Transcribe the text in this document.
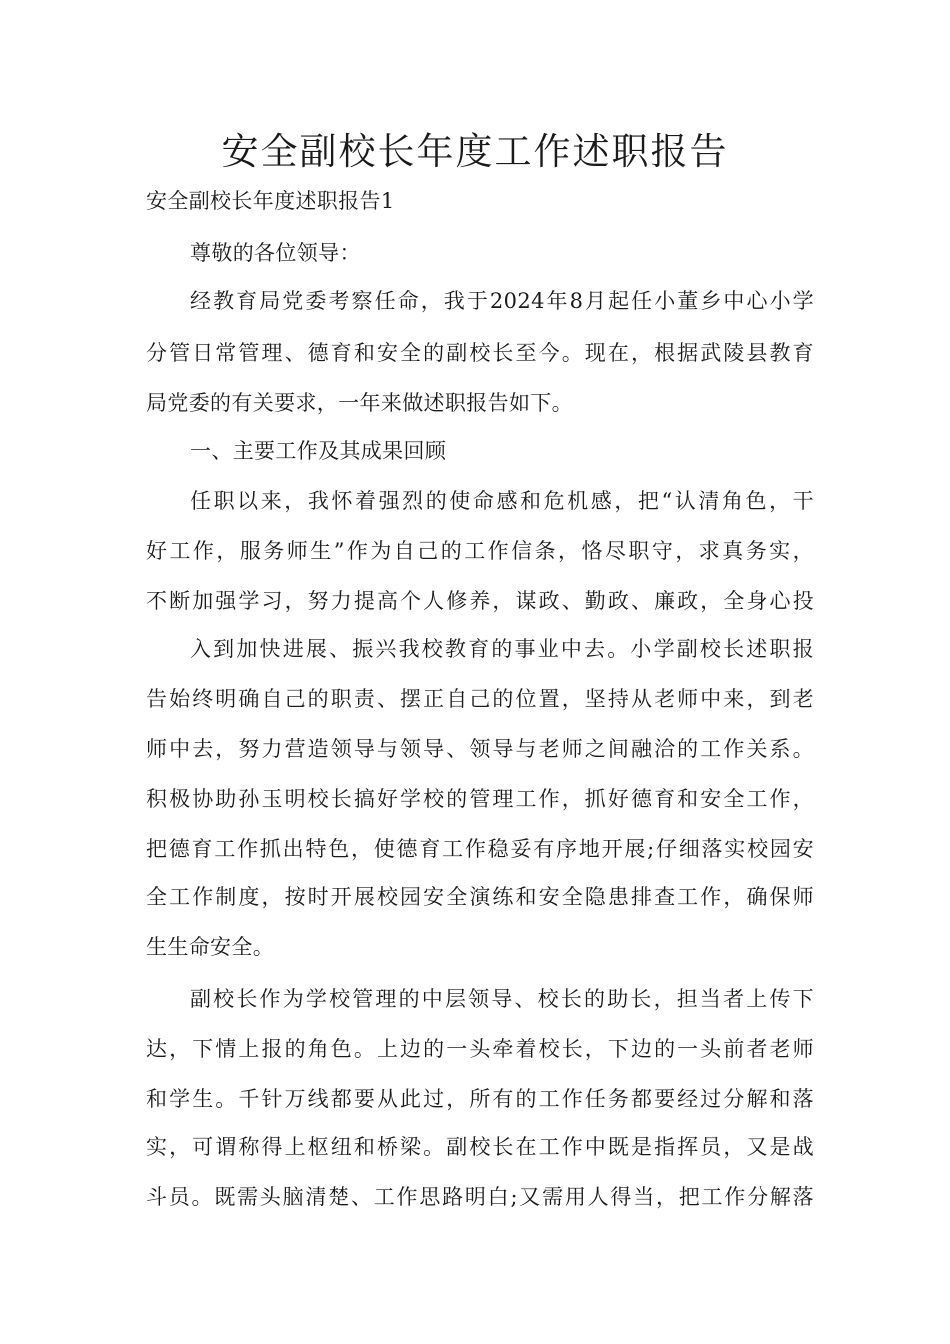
安全副校长年度工作述职报告

安全副校长年度述职报告1

尊敬的各位领导：

经教育局党委考察任命，我于2024年8月起任小董乡中心小学

分管日常管理、德育和安全的副校长至今。现在，根据武陵县教育

局党委的有关要求，一年来做述职报告如下。

一、主要工作及其成果回顾

任职以来，我怀着强烈的使命感和危机感，把“认清角色，干

好工作，服务师生”作为自己的工作信条，恪尽职守，求真务实，

不断加强学习，努力提高个人修养，谋政、勤政、廉政，全身心投

入到加快进展、振兴我校教育的事业中去。小学副校长述职报

告始终明确自己的职责、摆正自己的位置，坚持从老师中来，到老

师中去，努力营造领导与领导、领导与老师之间融洽的工作关系。

积极协助孙玉明校长搞好学校的管理工作，抓好德育和安全工作，

把德育工作抓出特色，使德育工作稳妥有序地开展;仔细落实校园安

全工作制度，按时开展校园安全演练和安全隐患排查工作，确保师

生生命安全。

副校长作为学校管理的中层领导、校长的助长，担当者上传下

达，下情上报的角色。上边的一头牵着校长，下边的一头前者老师

和学生。千针万线都要从此过，所有的工作任务都要经过分解和落

实，可谓称得上枢纽和桥梁。副校长在工作中既是指挥员，又是战

斗员。既需头脑清楚、工作思路明白;又需用人得当，把工作分解落
